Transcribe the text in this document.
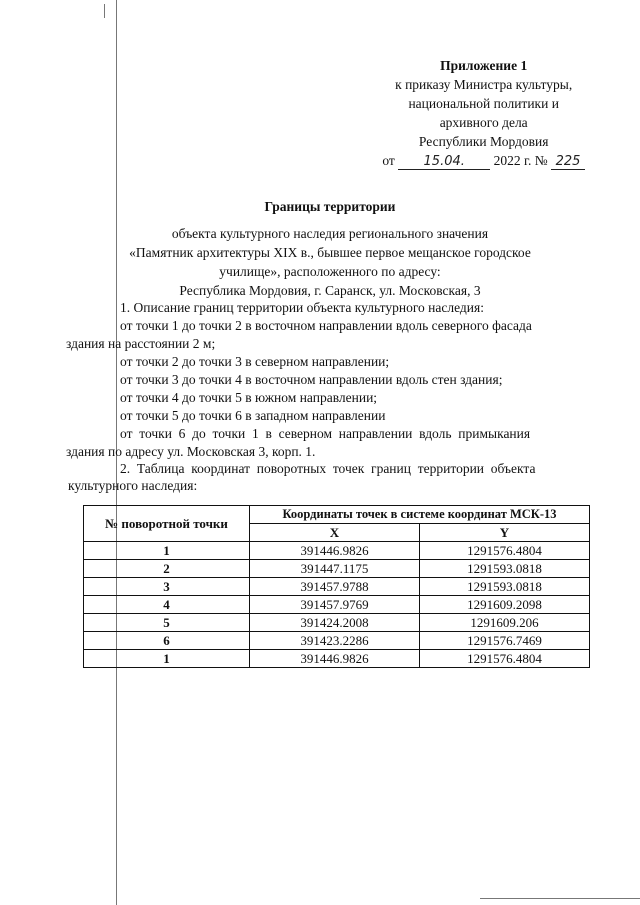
Приложение 1
к приказу Министра культуры,
национальной политики и
архивного дела
Республики Мордовия
от 15.04. 2022 г. № 225
Границы территории
объекта культурного наследия регионального значения
«Памятник архитектуры XIX в., бывшее первое мещанское городское
училище», расположенного по адресу:
Республика Мордовия, г. Саранск, ул. Московская, 3
1. Описание границ территории объекта культурного наследия:
от точки 1 до точки 2 в восточном направлении вдоль северного фасада
здания на расстоянии 2 м;
от точки 2 до точки 3 в северном направлении;
от точки 3 до точки 4 в восточном направлении вдоль стен здания;
от точки 4 до точки 5 в южном направлении;
от точки 5 до точки 6 в западном направлении
от  точки  6  до  точки  1  в  северном  направлении  вдоль  примыкания
здания по адресу ул. Московская 3, корп. 1.
2.  Таблица  координат  поворотных  точек  границ  территории  объекта
культурного наследия:
№ поворотной точки	Координаты точек в системе координат МСК-13	
	X	Y
1	391446.9826	1291576.4804
2	391447.1175	1291593.0818
3	391457.9788	1291593.0818
4	391457.9769	1291609.2098
5	391424.2008	1291609.206
6	391423.2286	1291576.7469
1	391446.9826	1291576.4804
